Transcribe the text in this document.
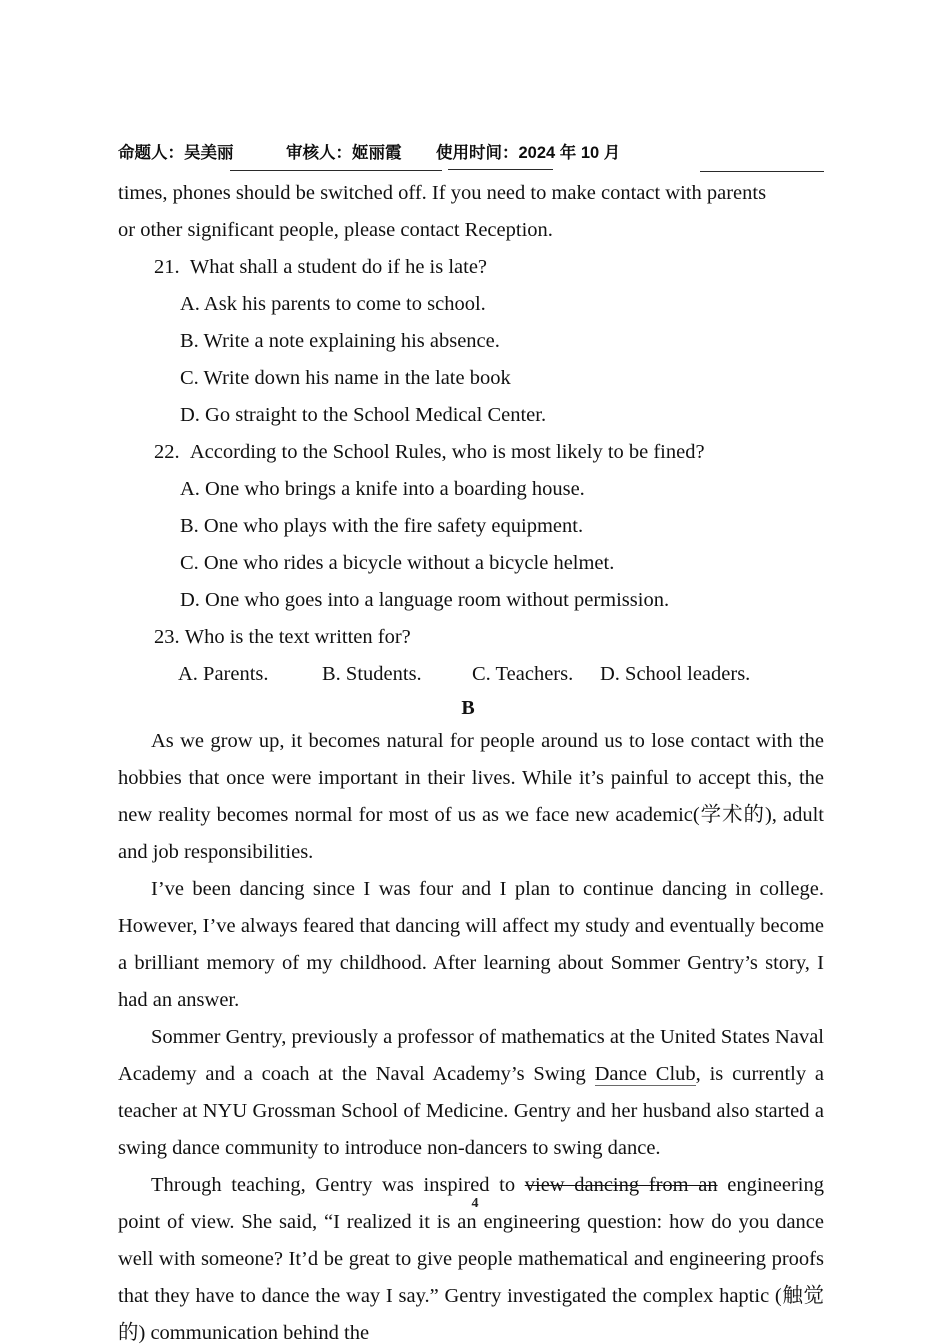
命题人：吴美丽	审核人：姬丽霞 使用时间：2024 年 10 月

times, phones should be switched off. If you need to make contact with parents

or other significant people, please contact Reception.

21. What shall a student do if he is late?

A. Ask his parents to come to school.

B. Write a note explaining his absence.

C. Write down his name in the late book

D. Go straight to the School Medical Center.

22. According to the School Rules, who is most likely to be fined?

A. One who brings a knife into a boarding house.

B. One who plays with the fire safety equipment.

C. One who rides a bicycle without a bicycle helmet.

D. One who goes into a language room without permission.

23. Who is the text written for?

A. Parents.	B. Students. C. Teachers. D. School leaders.

B

As we grow up, it becomes natural for people around us to lose contact with the hobbies that once were important in their lives. While it’s painful to accept this, the new reality becomes normal for most of us as we face new academic(学术的), adult and job responsibilities.

I’ve been dancing since I was four and I plan to continue dancing in college. However, I’ve always feared that dancing will affect my study and eventually become a brilliant memory of my childhood. After learning about Sommer Gentry’s story, I had an answer.

Sommer Gentry, previously a professor of mathematics at the United States Naval Academy and a coach at the Naval Academy’s Swing Dance Club, is currently a teacher at NYU Grossman School of Medicine. Gentry and her husband also started a swing dance community to introduce non-dancers to swing dance.

Through teaching, Gentry was inspired to view dancing from an engineering point of view. She said, “I realized it is an engineering question: how do you dance well with someone? It’d be great to give people mathematical and engineering proofs that they have to dance the way I say.” Gentry investigated the complex haptic (触觉的) communication behind the

4
